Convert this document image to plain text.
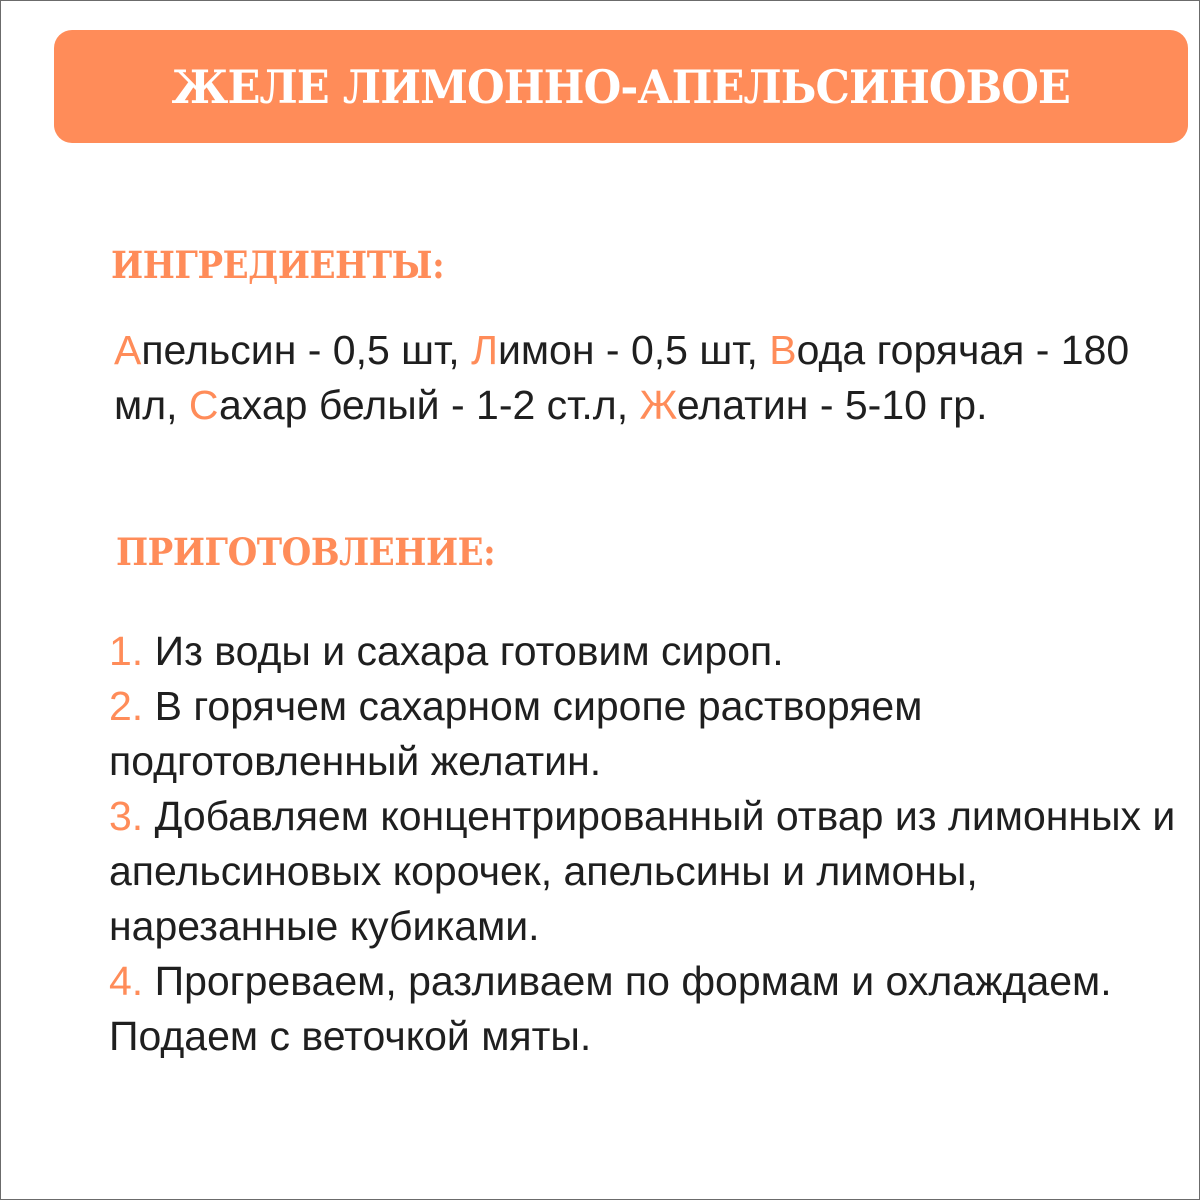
ЖЕЛЕ ЛИМОННО-АПЕЛЬСИНОВОЕ
ИНГРЕДИЕНТЫ:
Апельсин - 0,5 шт, Лимон - 0,5 шт, Вода горячая - 180 мл, Сахар белый - 1-2 ст.л, Желатин - 5-10 гр.
ПРИГОТОВЛЕНИЕ:
1. Из воды и сахара готовим сироп.
2. В горячем сахарном сиропе растворяем подготовленный желатин.
3. Добавляем концентрированный отвар из лимонных и апельсиновых корочек, апельсины и лимоны, нарезанные кубиками.
4. Прогреваем, разливаем по формам и охлаждаем. Подаем с веточкой мяты.
